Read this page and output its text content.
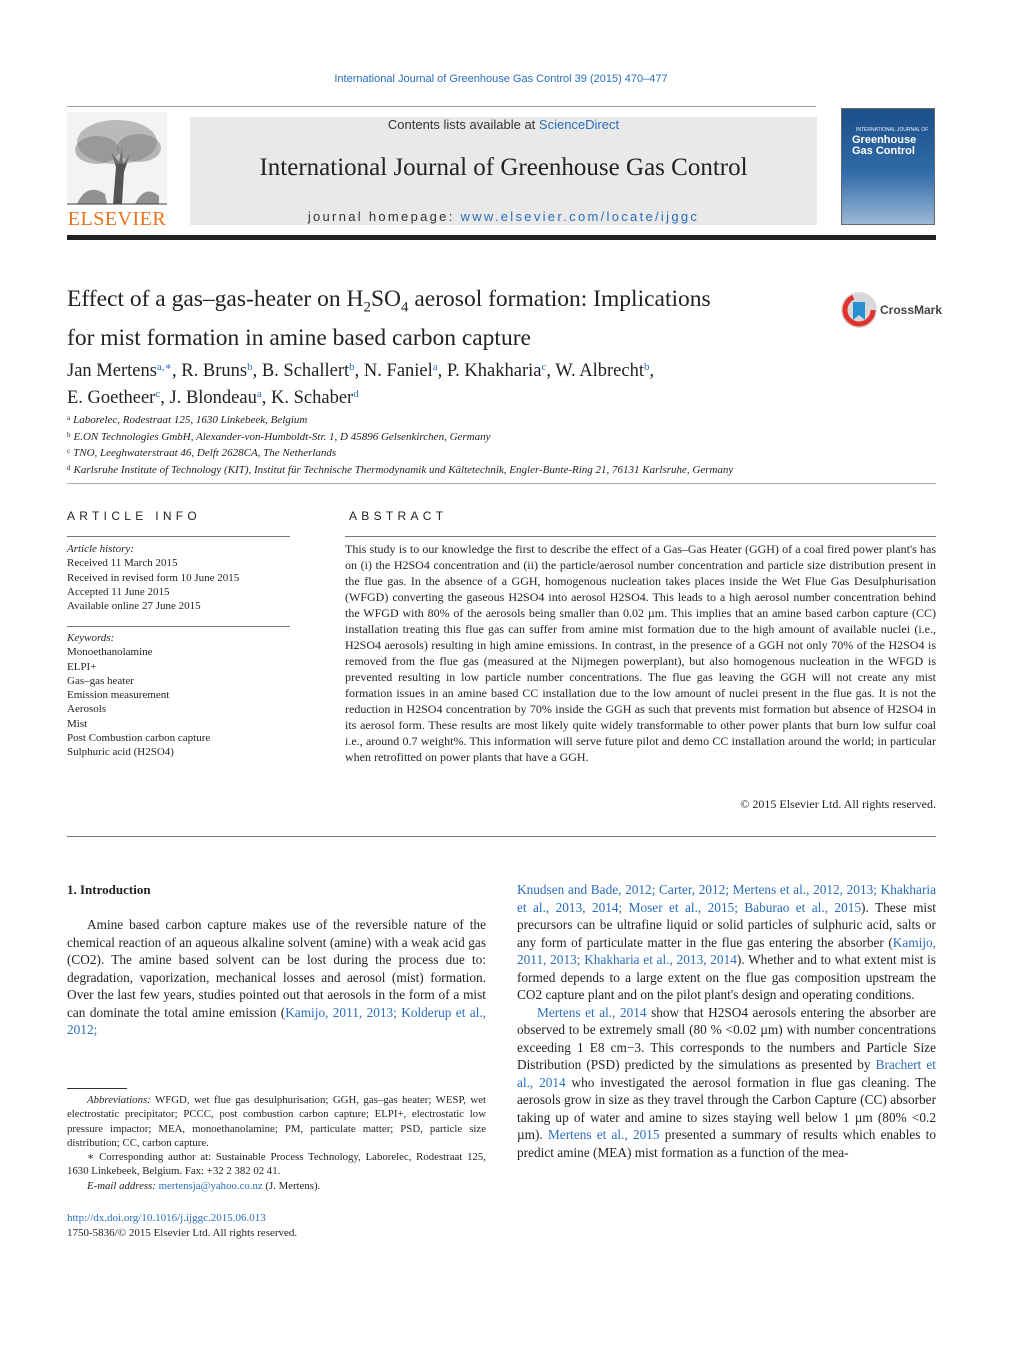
International Journal of Greenhouse Gas Control 39 (2015) 470–477
ELSEVIER
Contents lists available at ScienceDirect
International Journal of Greenhouse Gas Control
journal homepage: www.elsevier.com/locate/ijggc
INTERNATIONAL JOURNAL OF
Greenhouse Gas Control
Effect of a gas–gas-heater on $H_2SO_4$ aerosol formation: Implications
for mist formation in amine based carbon capture
CrossMark
Jan Mertens$^{a,∗}$, R. Bruns$^b$, B. Schallert$^b$, N. Faniel$^a$, P. Khakharia$^c$, W. Albrecht$^b$,
E. Goetheer$^c$, J. Blondeau$^a$, K. Schaber$^d$
$^a$ Laborelec, Rodestraat 125, 1630 Linkebeek, Belgium
$^b$ E.ON Technologies GmbH, Alexander-von-Humboldt-Str. 1, D 45896 Gelsenkirchen, Germany
$^c$ TNO, Leeghwaterstraat 46, Delft 2628CA, The Netherlands
$^d$ Karlsruhe Institute of Technology (KIT), Institut für Technische Thermodynamik und Kältetechnik, Engler-Bunte-Ring 21, 76131 Karlsruhe, Germany
ARTICLE INFO	ABSTRACT
Article history:
Received 11 March 2015
Received in revised form 10 June 2015
Accepted 11 June 2015
Available online 27 June 2015
Keywords:
Monoethanolamine
ELPI+
Gas–gas heater
Emission measurement
Aerosols
Mist
Post Combustion carbon capture
Sulphuric acid (H2SO4)
This study is to our knowledge the first to describe the effect of a Gas–Gas Heater (GGH) of a coal fired power plant's has on (i) the H2SO4 concentration and (ii) the particle/aerosol number concentration and particle size distribution present in the flue gas. In the absence of a GGH, homogenous nucleation takes places inside the Wet Flue Gas Desulphurisation (WFGD) converting the gaseous H2SO4 into aerosol H2SO4. This leads to a high aerosol number concentration behind the WFGD with 80% of the aerosols being smaller than 0.02 µm. This implies that an amine based carbon capture (CC) installation treating this flue gas can suffer from amine mist formation due to the high amount of available nuclei (i.e., H2SO4 aerosols) resulting in high amine emissions. In contrast, in the presence of a GGH not only 70% of the H2SO4 is removed from the flue gas (measured at the Nijmegen powerplant), but also homogenous nucleation in the WFGD is prevented resulting in low particle number concentrations. The flue gas leaving the GGH will not create any mist formation issues in an amine based CC installation due to the low amount of nuclei present in the flue gas. It is not the reduction in H2SO4 concentration by 70% inside the GGH as such that prevents mist formation but absence of H2SO4 in its aerosol form. These results are most likely quite widely transformable to other power plants that burn low sulfur coal i.e., around 0.7 weight%. This information will serve future pilot and demo CC installation around the world; in particular when retrofitted on power plants that have a GGH.
© 2015 Elsevier Ltd. All rights reserved.
1. Introduction

Amine based carbon capture makes use of the reversible nature of the chemical reaction of an aqueous alkaline solvent (amine) with a weak acid gas (CO2). The amine based solvent can be lost during the process due to: degradation, vaporization, mechanical losses and aerosol (mist) formation. Over the last few years, studies pointed out that aerosols in the form of a mist can dominate the total amine emission (Kamijo, 2011, 2013; Kolderup et al., 2012;

Knudsen and Bade, 2012; Carter, 2012; Mertens et al., 2012, 2013; Khakharia et al., 2013, 2014; Moser et al., 2015; Baburao et al., 2015). These mist precursors can be ultrafine liquid or solid particles of sulphuric acid, salts or any form of particulate matter in the flue gas entering the absorber (Kamijo, 2011, 2013; Khakharia et al., 2013, 2014). Whether and to what extent mist is formed depends to a large extent on the flue gas composition upstream the CO2 capture plant and on the pilot plant's design and operating conditions.

Mertens et al., 2014 show that H2SO4 aerosols entering the absorber are observed to be extremely small (80 % <0.02 µm) with number concentrations exceeding 1 E8 cm−3. This corresponds to the numbers and Particle Size Distribution (PSD) predicted by the simulations as presented by Brachert et al., 2014 who investigated the aerosol formation in flue gas cleaning. The aerosols grow in size as they travel through the Carbon Capture (CC) absorber taking up of water and amine to sizes staying well below 1 µm (80% <0.2 µm). Mertens et al., 2015 presented a summary of results which enables to predict amine (MEA) mist formation as a function of the mea-

Abbreviations: WFGD, wet flue gas desulphurisation; GGH, gas–gas heater; WESP, wet electrostatic precipitator; PCCC, post combustion carbon capture; ELPI+, electrostatic low pressure impactor; MEA, monoethanolamine; PM, particulate matter; PSD, particle size distribution; CC, carbon capture.
∗ Corresponding author at: Sustainable Process Technology, Laborelec, Rodestraat 125, 1630 Linkebeek, Belgium. Fax: +32 2 382 02 41.
E-mail address: mertensja@yahoo.co.nz (J. Mertens).
http://dx.doi.org/10.1016/j.ijggc.2015.06.013
1750-5836/© 2015 Elsevier Ltd. All rights reserved.
